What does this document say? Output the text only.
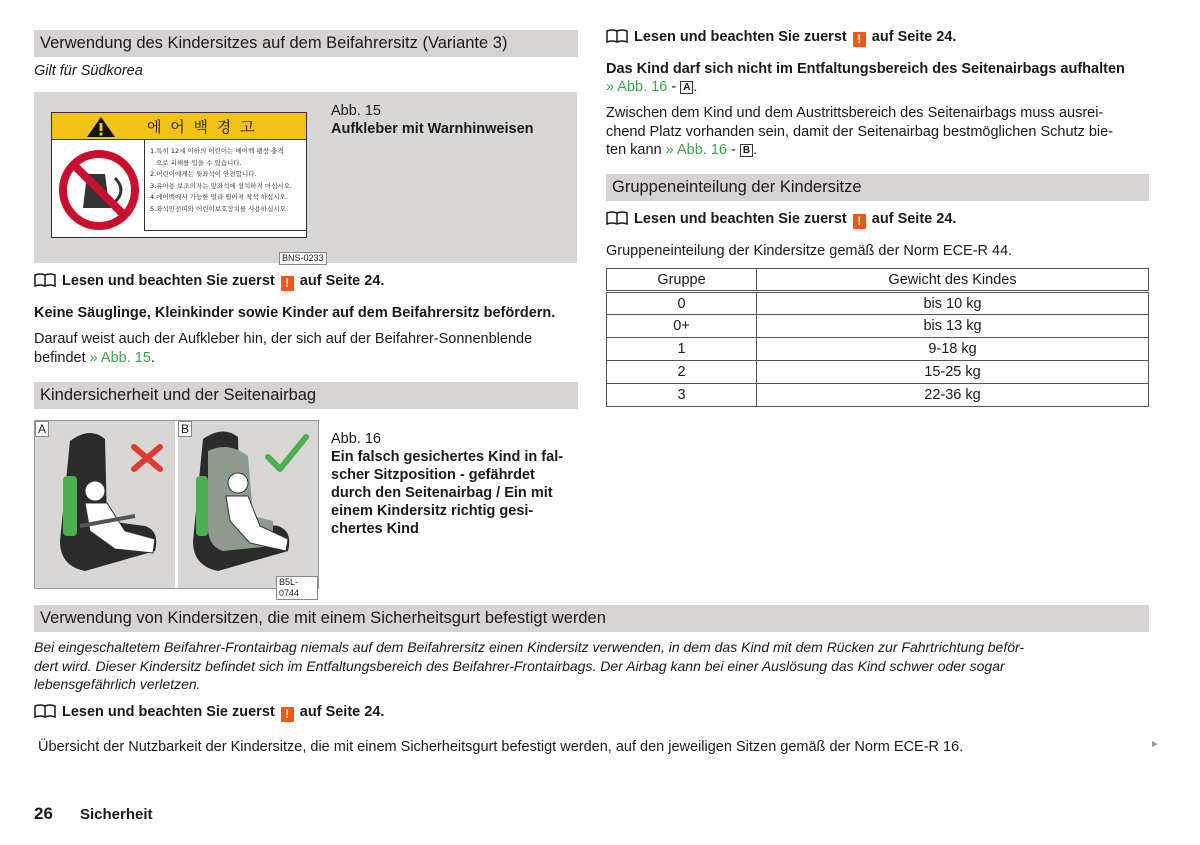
Verwendung des Kindersitzes auf dem Beifahrersitz (Variante 3)
Gilt für Südkorea
에 어 백 경 고
1.특히 12세 이하의 어린이는 에어백 팽창·충격
으로 피해를 입을 수 있습니다.
2.어린이에게는 뒷좌석이 안전합니다.
3.유아용 보조의자는 앞좌석에 설치하지 마십시오.
4.에어백에서 가능한 멀리 떨어져 착석 하십시오.
5.좌석안전띠와 어린이보호장치를 사용하십시오.
BNS-0233
Abb. 15
Aufkleber mit Warnhinweisen
Lesen und beachten Sie zuerst ! auf Seite 24.
Keine Säuglinge, Kleinkinder sowie Kinder auf dem Beifahrersitz befördern.
Darauf weist auch der Aufkleber hin, der sich auf der Beifahrer-Sonnenblende befindet » Abb. 15.
Kindersicherheit und der Seitenairbag
A	B
B5L-0744
Abb. 16
Ein falsch gesichertes Kind in fal-
scher Sitzposition - gefährdet
durch den Seitenairbag / Ein mit
einem Kindersitz richtig gesi-
chertes Kind
Lesen und beachten Sie zuerst ! auf Seite 24.
Das Kind darf sich nicht im Entfaltungsbereich des Seitenairbags aufhalten
» Abb. 16 - A .
Zwischen dem Kind und dem Austrittsbereich des Seitenairbags muss ausrei-
chend Platz vorhanden sein, damit der Seitenairbag bestmöglichen Schutz bie-
ten kann » Abb. 16 - B .
Gruppeneinteilung der Kindersitze
Lesen und beachten Sie zuerst ! auf Seite 24.
Gruppeneinteilung der Kindersitze gemäß der Norm ECE-R 44.
Gruppe	Gewicht des Kindes
0	bis 10 kg
0+	bis 13 kg
1	9-18 kg
2	15-25 kg
3	22-36 kg
Verwendung von Kindersitzen, die mit einem Sicherheitsgurt befestigt werden
Bei eingeschaltetem Beifahrer-Frontairbag niemals auf dem Beifahrersitz einen Kindersitz verwenden, in dem das Kind mit dem Rücken zur Fahrtrichtung beför-
dert wird. Dieser Kindersitz befindet sich im Entfaltungsbereich des Beifahrer-Frontairbags. Der Airbag kann bei einer Auslösung das Kind schwer oder sogar
lebensgefährlich verletzen.
Lesen und beachten Sie zuerst ! auf Seite 24.
Übersicht der Nutzbarkeit der Kindersitze, die mit einem Sicherheitsgurt befestigt werden, auf den jeweiligen Sitzen gemäß der Norm ECE-R 16.	►
26 Sicherheit
